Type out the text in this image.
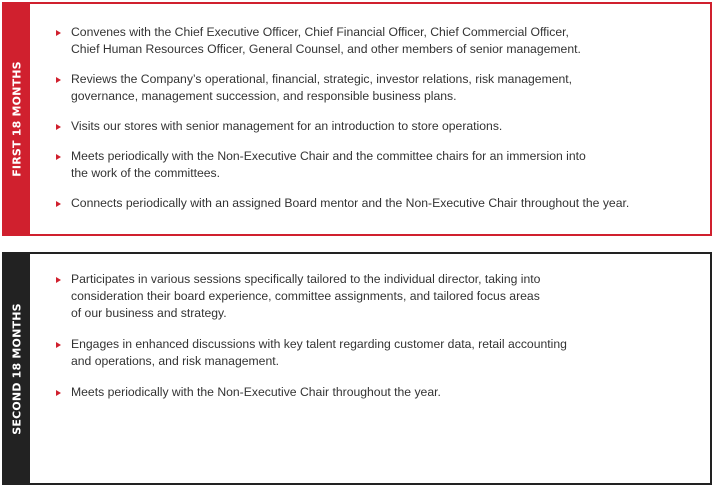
FIRST 18 MONTHS
Convenes with the Chief Executive Officer, Chief Financial Officer, Chief Commercial Officer,
Chief Human Resources Officer, General Counsel, and other members of senior management.
Reviews the Company’s operational, financial, strategic, investor relations, risk management,
governance, management succession, and responsible business plans.
Visits our stores with senior management for an introduction to store operations.
Meets periodically with the Non-Executive Chair and the committee chairs for an immersion into
the work of the committees.
Connects periodically with an assigned Board mentor and the Non-Executive Chair throughout the year.
SECOND 18 MONTHS
Participates in various sessions specifically tailored to the individual director, taking into
consideration their board experience, committee assignments, and tailored focus areas
of our business and strategy.
Engages in enhanced discussions with key talent regarding customer data, retail accounting
and operations, and risk management.
Meets periodically with the Non-Executive Chair throughout the year.
